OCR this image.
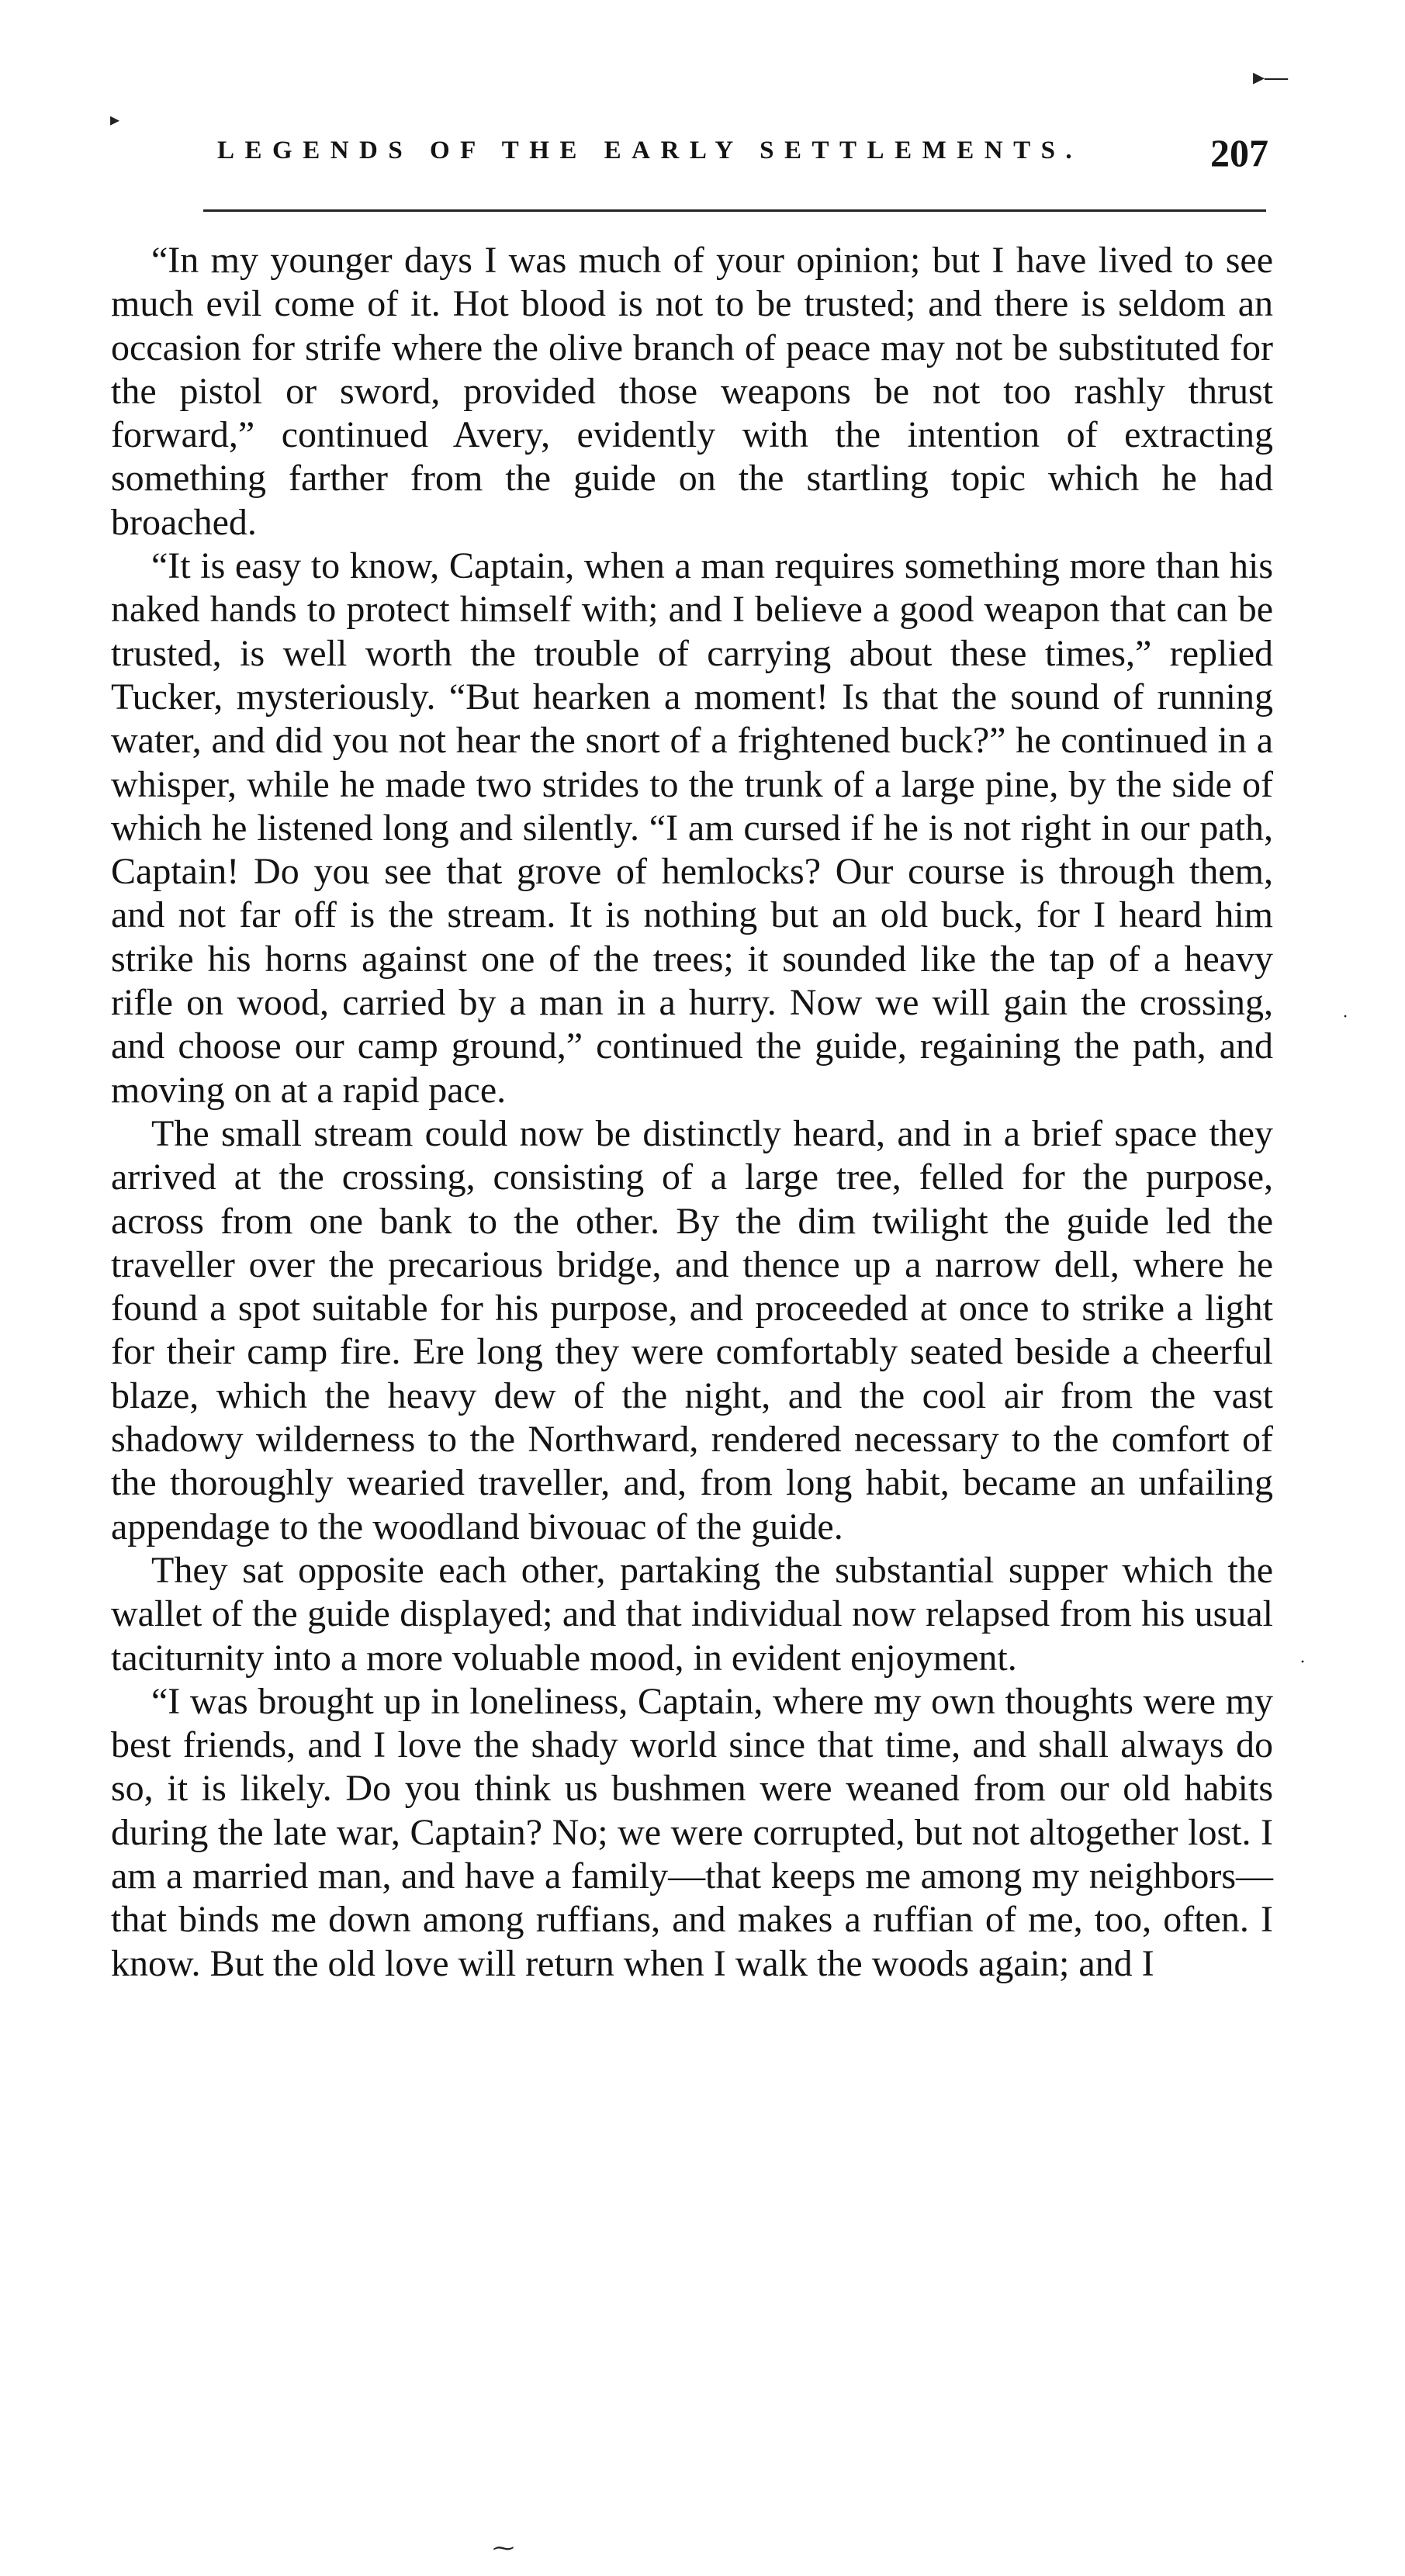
▸—
▸
LEGENDS OF THE EARLY SETTLEMENTS.	207

“In my younger days I was much of your opinion; but I have lived to see much evil come of it. Hot blood is not to be trusted; and there is seldom an occasion for strife where the olive branch of peace may not be substituted for the pistol or sword, provided those weapons be not too rashly thrust forward,” continued Avery, evidently with the intention of extracting something farther from the guide on the startling topic which he had broached.

“It is easy to know, Captain, when a man requires something more than his naked hands to protect himself with; and I believe a good weapon that can be trusted, is well worth the trouble of carrying about these times,” replied Tucker, mysteriously. “But hearken a moment! Is that the sound of running water, and did you not hear the snort of a frightened buck?” he continued in a whisper, while he made two strides to the trunk of a large pine, by the side of which he listened long and silently. “I am cursed if he is not right in our path, Captain! Do you see that grove of hemlocks? Our course is through them, and not far off is the stream. It is nothing but an old buck, for I heard him strike his horns against one of the trees; it sounded like the tap of a heavy rifle on wood, carried by a man in a hurry. Now we will gain the crossing, and choose our camp ground,” continued the guide, regaining the path, and moving on at a rapid pace.

The small stream could now be distinctly heard, and in a brief space they arrived at the crossing, consisting of a large tree, felled for the purpose, across from one bank to the other. By the dim twilight the guide led the traveller over the precarious bridge, and thence up a narrow dell, where he found a spot suitable for his purpose, and proceeded at once to strike a light for their camp fire. Ere long they were comfortably seated beside a cheerful blaze, which the heavy dew of the night, and the cool air from the vast shadowy wilderness to the Northward, rendered necessary to the comfort of the thoroughly wearied traveller, and, from long habit, became an unfailing appendage to the woodland bivouac of the guide.

They sat opposite each other, partaking the substantial supper which the wallet of the guide displayed; and that individual now relapsed from his usual taciturnity into a more voluable mood, in evident enjoyment.

“I was brought up in loneliness, Captain, where my own thoughts were my best friends, and I love the shady world since that time, and shall always do so, it is likely. Do you think us bushmen were weaned from our old habits during the late war, Captain? No; we were corrupted, but not altogether lost. I am a married man, and have a family—that keeps me among my neighbors—that binds me down among ruffians, and makes a ruffian of me, too, often. I know. But the old love will return when I walk the woods again; and I

·
·
⁓
